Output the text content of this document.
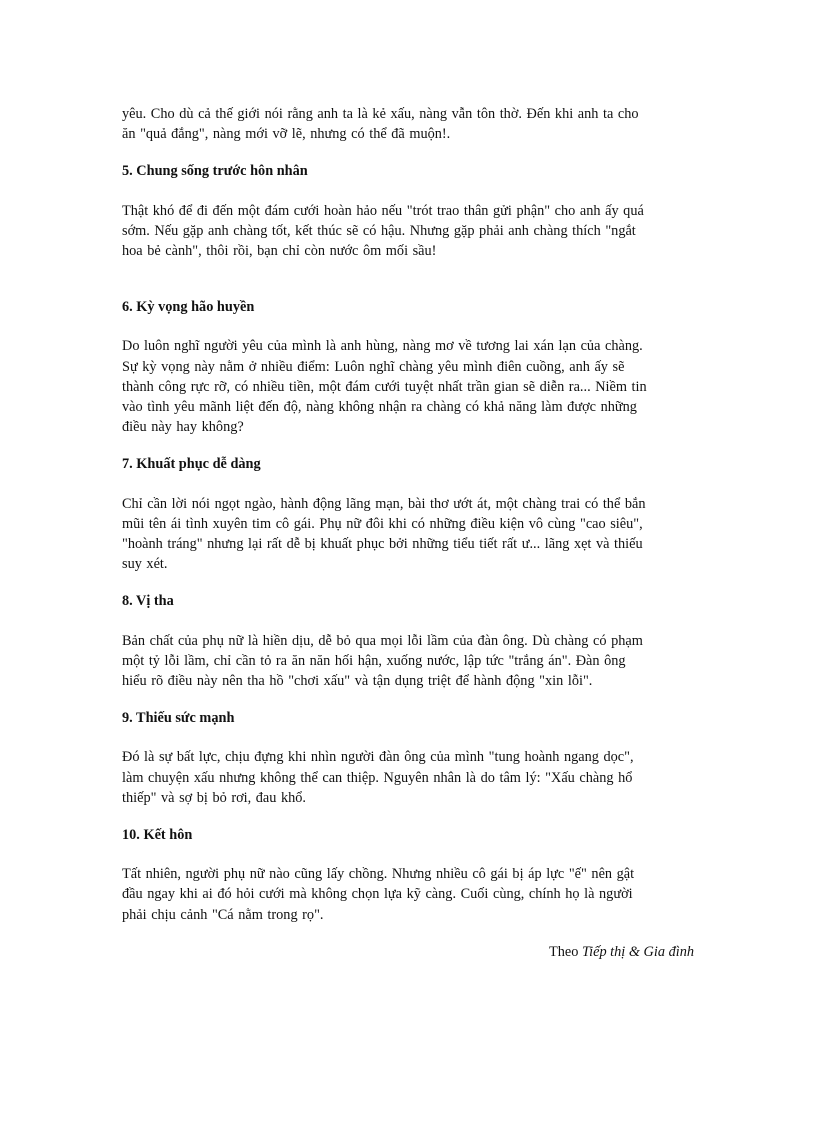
yêu. Cho dù cả thế giới nói rằng anh ta là kẻ xấu, nàng vẫn tôn thờ. Đến khi anh ta cho
ăn "quả đắng", nàng mới vỡ lẽ, nhưng có thể đã muộn!.

5. Chung sống trước hôn nhân

Thật khó để đi đến một đám cưới hoàn hảo nếu "trót trao thân gửi phận" cho anh ấy quá
sớm. Nếu gặp anh chàng tốt, kết thúc sẽ có hậu. Nhưng gặp phải anh chàng thích "ngắt
hoa bẻ cành", thôi rồi, bạn chỉ còn nước ôm mối sầu!

6. Kỳ vọng hão huyền

Do luôn nghĩ người yêu của mình là anh hùng, nàng mơ về tương lai xán lạn của chàng.
Sự kỳ vọng này nằm ở nhiều điểm: Luôn nghĩ chàng yêu mình điên cuồng, anh ấy sẽ
thành công rực rỡ, có nhiều tiền, một đám cưới tuyệt nhất trần gian sẽ diễn ra... Niềm tin
vào tình yêu mãnh liệt đến độ, nàng không nhận ra chàng có khả năng làm được những
điều này hay không?

7. Khuất phục dễ dàng

Chỉ cần lời nói ngọt ngào, hành động lãng mạn, bài thơ ướt át, một chàng trai có thể bắn
mũi tên ái tình xuyên tim cô gái. Phụ nữ đôi khi có những điều kiện vô cùng "cao siêu",
"hoành tráng" nhưng lại rất dễ bị khuất phục bởi những tiểu tiết rất ư... lãng xẹt và thiếu
suy xét.

8. Vị tha

Bản chất của phụ nữ là hiền dịu, dễ bỏ qua mọi lỗi lầm của đàn ông. Dù chàng có phạm
một tỷ lỗi lầm, chỉ cần tỏ ra ăn năn hối hận, xuống nước, lập tức "trắng án". Đàn ông
hiểu rõ điều này nên tha hồ "chơi xấu" và tận dụng triệt để hành động "xin lỗi".

9. Thiếu sức mạnh

Đó là sự bất lực, chịu đựng khi nhìn người đàn ông của mình "tung hoành ngang dọc",
làm chuyện xấu nhưng không thể can thiệp. Nguyên nhân là do tâm lý: "Xấu chàng hổ
thiếp" và sợ bị bỏ rơi, đau khổ.

10. Kết hôn

Tất nhiên, người phụ nữ nào cũng lấy chồng. Nhưng nhiều cô gái bị áp lực "ế" nên gật
đầu ngay khi ai đó hỏi cưới mà không chọn lựa kỹ càng. Cuối cùng, chính họ là người
phải chịu cảnh "Cá nằm trong rọ".

Theo Tiếp thị & Gia đình
